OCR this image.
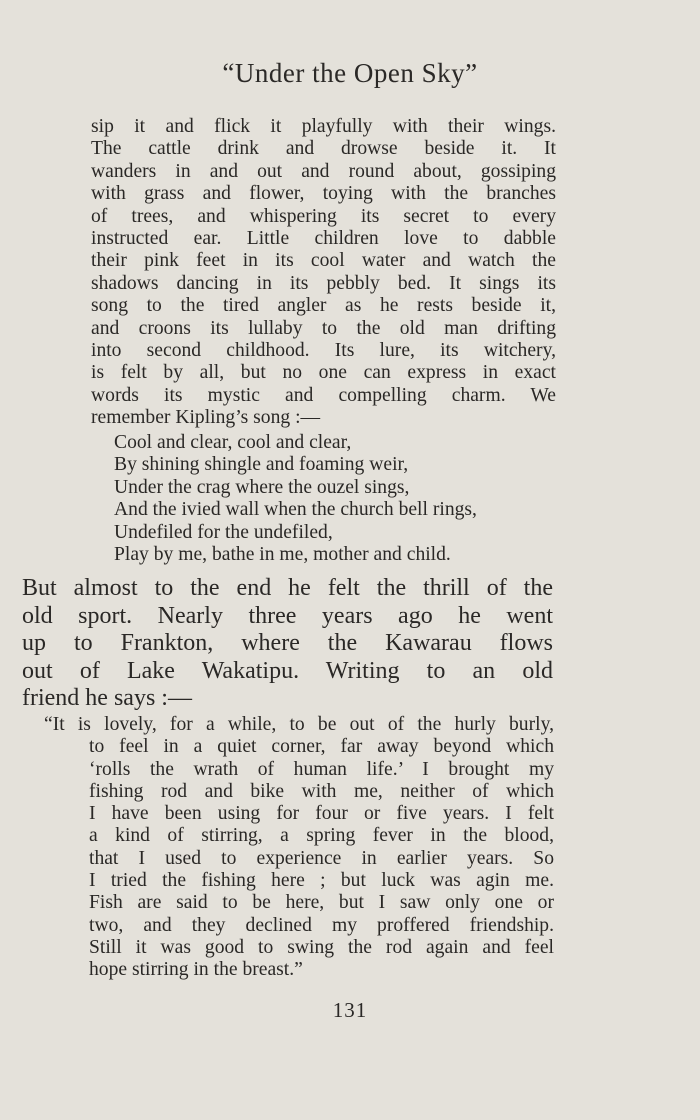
“Under the Open Sky”
sip it and flick it playfully with their wings.
The cattle drink and drowse beside it. It
wanders in and out and round about, gossiping
with grass and flower, toying with the branches
of trees, and whispering its secret to every
instructed ear. Little children love to dabble
their pink feet in its cool water and watch the
shadows dancing in its pebbly bed. It sings its
song to the tired angler as he rests beside it,
and croons its lullaby to the old man drifting
into second childhood. Its lure, its witchery,
is felt by all, but no one can express in exact
words its mystic and compelling charm. We
remember Kipling’s song :—
Cool and clear, cool and clear,
By shining shingle and foaming weir,
Under the crag where the ouzel sings,
And the ivied wall when the church bell rings,
Undefiled for the undefiled,
Play by me, bathe in me, mother and child.
But almost to the end he felt the thrill of the
old sport. Nearly three years ago he went
up to Frankton, where the Kawarau flows
out of Lake Wakatipu. Writing to an old
friend he says :—
“It is lovely, for a while, to be out of the hurly burly,
to feel in a quiet corner, far away beyond which
‘rolls the wrath of human life.’ I brought my
fishing rod and bike with me, neither of which
I have been using for four or five years. I felt
a kind of stirring, a spring fever in the blood,
that I used to experience in earlier years. So
I tried the fishing here ; but luck was agin me.
Fish are said to be here, but I saw only one or
two, and they declined my proffered friendship.
Still it was good to swing the rod again and feel
hope stirring in the breast.”
131
